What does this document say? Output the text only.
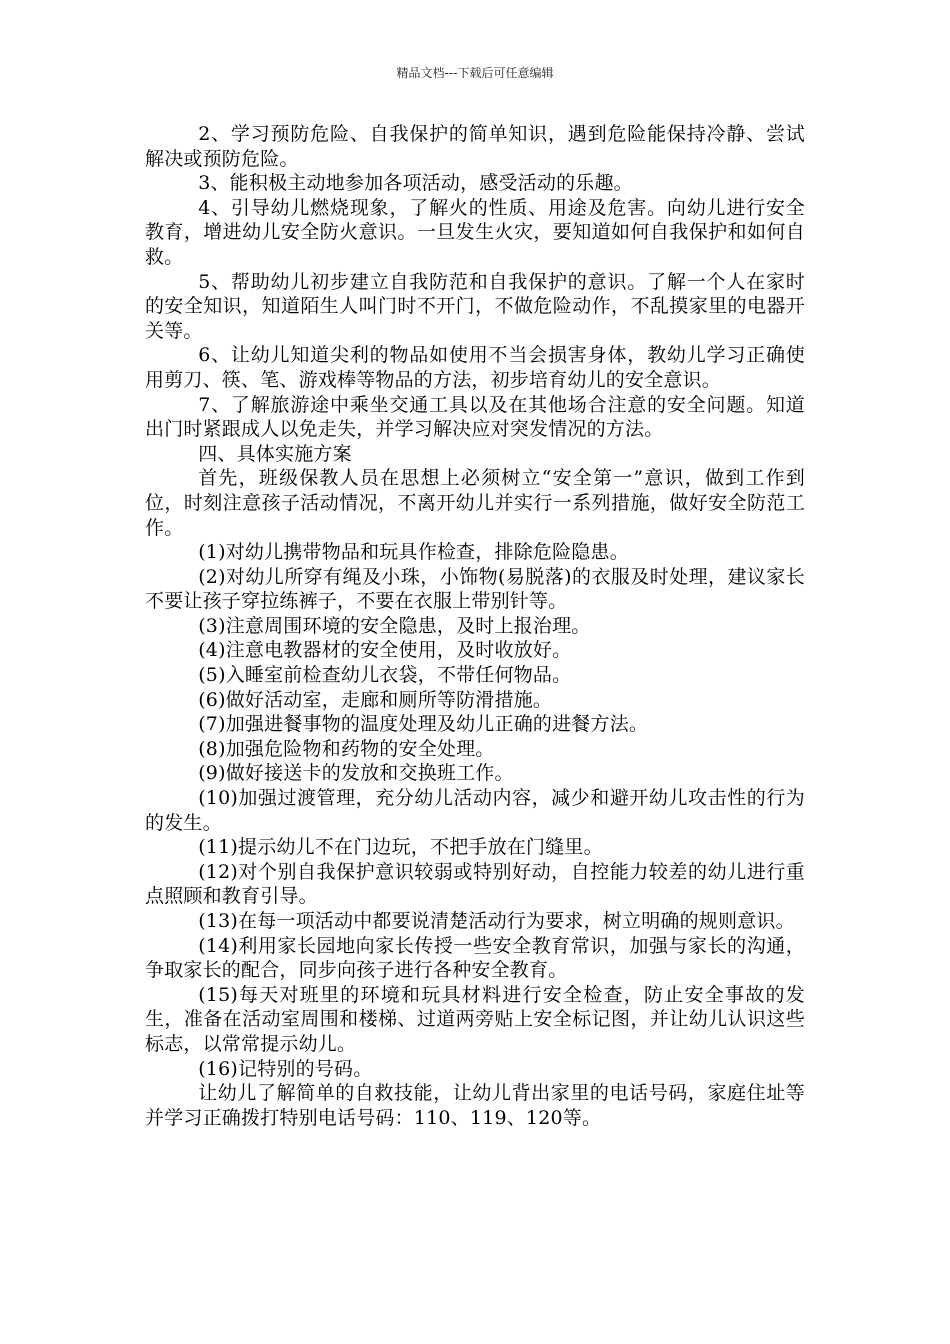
精品文档---下载后可任意编辑

2、学习预防危险、自我保护的简单知识，遇到危险能保持冷静、尝试解决或预防危险。

3、能积极主动地参加各项活动，感受活动的乐趣。

4、引导幼儿燃烧现象，了解火的性质、用途及危害。向幼儿进行安全教育，增进幼儿安全防火意识。一旦发生火灾，要知道如何自我保护和如何自救。

5、帮助幼儿初步建立自我防范和自我保护的意识。了解一个人在家时的安全知识，知道陌生人叫门时不开门，不做危险动作，不乱摸家里的电器开关等。

6、让幼儿知道尖利的物品如使用不当会损害身体，教幼儿学习正确使用剪刀、筷、笔、游戏棒等物品的方法，初步培育幼儿的安全意识。

7、了解旅游途中乘坐交通工具以及在其他场合注意的安全问题。知道出门时紧跟成人以免走失，并学习解决应对突发情况的方法。

四、具体实施方案

首先，班级保教人员在思想上必须树立“安全第一”意识，做到工作到位，时刻注意孩子活动情况，不离开幼儿并实行一系列措施，做好安全防范工作。

(1)对幼儿携带物品和玩具作检查，排除危险隐患。

(2)对幼儿所穿有绳及小珠，小饰物(易脱落)的衣服及时处理，建议家长不要让孩子穿拉练裤子，不要在衣服上带别针等。

(3)注意周围环境的安全隐患，及时上报治理。

(4)注意电教器材的安全使用，及时收放好。

(5)入睡室前检查幼儿衣袋，不带任何物品。

(6)做好活动室，走廊和厕所等防滑措施。

(7)加强进餐事物的温度处理及幼儿正确的进餐方法。

(8)加强危险物和药物的安全处理。

(9)做好接送卡的发放和交换班工作。

(10)加强过渡管理，充分幼儿活动内容，减少和避开幼儿攻击性的行为的发生。

(11)提示幼儿不在门边玩，不把手放在门缝里。

(12)对个别自我保护意识较弱或特别好动，自控能力较差的幼儿进行重点照顾和教育引导。

(13)在每一项活动中都要说清楚活动行为要求，树立明确的规则意识。

(14)利用家长园地向家长传授一些安全教育常识，加强与家长的沟通，争取家长的配合，同步向孩子进行各种安全教育。

(15)每天对班里的环境和玩具材料进行安全检查，防止安全事故的发生，准备在活动室周围和楼梯、过道两旁贴上安全标记图，并让幼儿认识这些标志，以常常提示幼儿。

(16)记特别的号码。

让幼儿了解简单的自救技能，让幼儿背出家里的电话号码，家庭住址等并学习正确拨打特别电话号码：110、119、120等。
